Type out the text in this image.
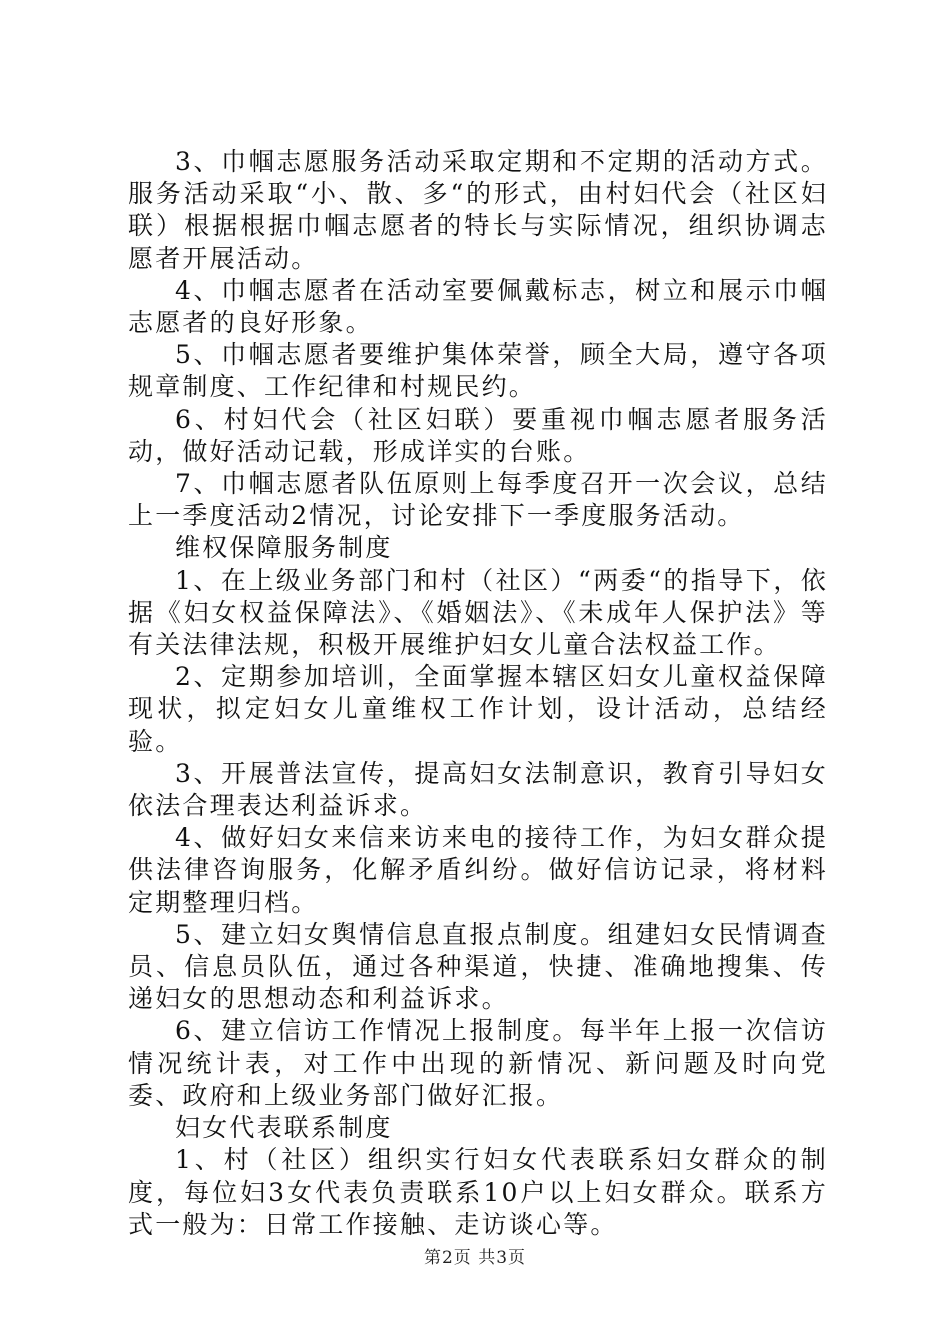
3、巾帼志愿服务活动采取定期和不定期的活动方式。服务活动采取“小、散、多“的形式，由村妇代会（社区妇联）根据根据巾帼志愿者的特长与实际情况，组织协调志愿者开展活动。

4、巾帼志愿者在活动室要佩戴标志，树立和展示巾帼志愿者的良好形象。

5、巾帼志愿者要维护集体荣誉，顾全大局，遵守各项规章制度、工作纪律和村规民约。

6、村妇代会（社区妇联）要重视巾帼志愿者服务活动，做好活动记载，形成详实的台账。

7、巾帼志愿者队伍原则上每季度召开一次会议，总结上一季度活动2情况，讨论安排下一季度服务活动。

维权保障服务制度

1、在上级业务部门和村（社区）“两委“的指导下，依据《妇女权益保障法》、《婚姻法》、《未成年人保护法》等有关法律法规，积极开展维护妇女儿童合法权益工作。

2、定期参加培训，全面掌握本辖区妇女儿童权益保障现状，拟定妇女儿童维权工作计划，设计活动，总结经验。

3、开展普法宣传，提高妇女法制意识，教育引导妇女依法合理表达利益诉求。

4、做好妇女来信来访来电的接待工作，为妇女群众提供法律咨询服务，化解矛盾纠纷。做好信访记录，将材料定期整理归档。

5、建立妇女舆情信息直报点制度。组建妇女民情调查员、信息员队伍，通过各种渠道，快捷、准确地搜集、传递妇女的思想动态和利益诉求。

6、建立信访工作情况上报制度。每半年上报一次信访情况统计表，对工作中出现的新情况、新问题及时向党委、政府和上级业务部门做好汇报。

妇女代表联系制度

1、村（社区）组织实行妇女代表联系妇女群众的制度，每位妇3女代表负责联系10户以上妇女群众。联系方式一般为：日常工作接触、走访谈心等。

第2页 共3页
